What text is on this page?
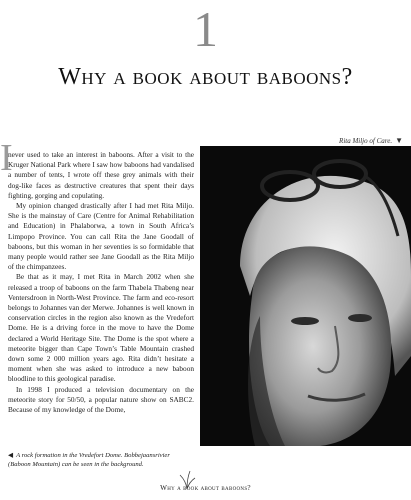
1
Why a book about baboons?
Rita Miljo of Care. ▼
I

never used to take an interest in baboons. After a visit to the Kruger National Park where I saw how baboons had vandalised a number of tents, I wrote off these grey animals with their dog-like faces as destructive creatures that spent their days fighting, gorging and copulating.

My opinion changed drastically after I had met Rita Miljo. She is the mainstay of Care (Centre for Animal Rehabilitation and Education) in Phalaborwa, a town in South Africa’s Limpopo Province. You can call Rita the Jane Goodall of baboons, but this woman in her seventies is so formidable that many people would rather see Jane Goodall as the Rita Miljo of the chimpanzees.

Be that as it may, I met Rita in March 2002 when she released a troop of baboons on the farm Thabela Thabeng near Ventersdroon in North-West Province. The farm and eco-resort belongs to Johannes van der Merwe. Johannes is well known in conservation circles in the region also known as the Vredefort Dome. He is a driving force in the move to have the Dome declared a World Heritage Site. The Dome is the spot where a meteorite bigger than Cape Town’s Table Mountain crashed down some 2 000 million years ago. Rita didn’t hesitate a moment when she was asked to introduce a new baboon bloodline to this geological paradise.

In 1998 I produced a television documentary on the meteorite story for 50/50, a popular nature show on SABC2. Because of my knowledge of the Dome,

◀ A rock formation in the Vredefort Dome. Bobbejaansrivier (Baboon Mountain) can be seen in the background.
Why a book about baboons?
